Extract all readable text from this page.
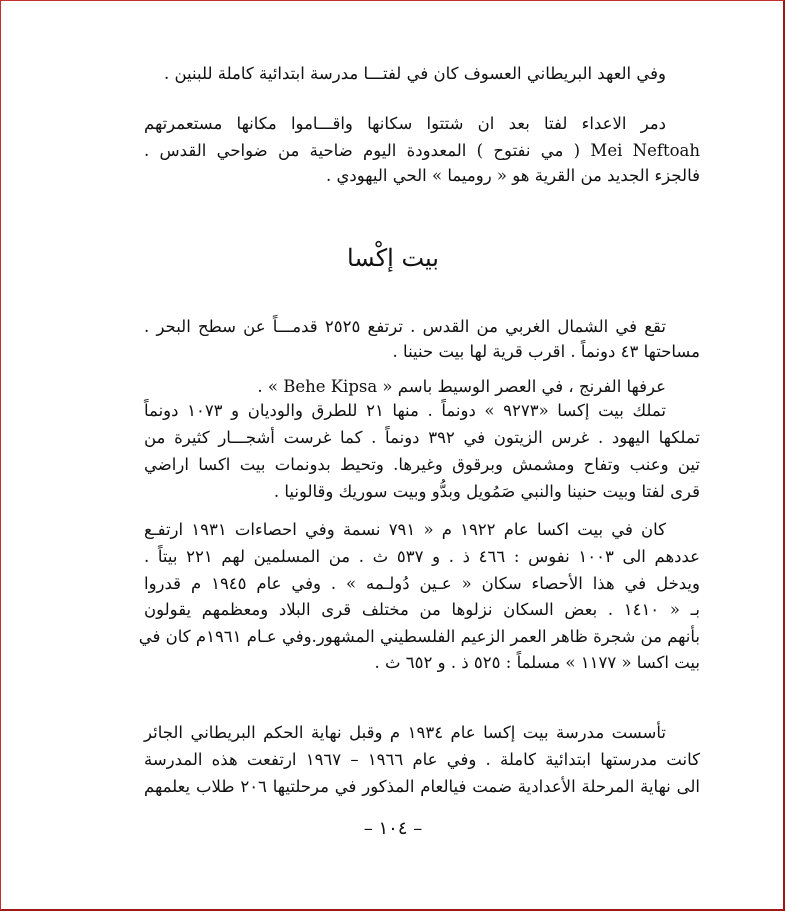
وفي العهد البريطاني العسوف كان في لفتـــا مدرسة ابتدائية كاملة للبنين .
دمر الاعداء لفتا بعد ان شتتوا سكانها واقـــاموا مكانها مستعمرتهم
Mei Neftoah ( مي نفتوح ) المعدودة اليوم ضاحية من ضواحي القدس .
فالجزء الجديد من القرية هو « روميما » الحي اليهودي .
بيت إكْسا
تقع في الشمال الغربي من القدس . ترتفع ٢٥٢٥ قدمـــاً عن سطح البحر .
مساحتها ٤٣ دونماً . اقرب قرية لها بيت حنينا .
عرفها الفرنج ، في العصر الوسيط باسم « Behe Kipsa » .
تملك بيت إكسا «٩٢٧٣ » دونماً . منها ٢١ للطرق والوديان و ١٠٧٣ دونماً
تملكها اليهود . غرس الزيتون في ٣٩٢ دونماً . كما غرست أشجـــار كثيرة من
تين وعنب وتفاح ومشمش وبرقوق وغيرها. وتحيط بدونمات بيت اكسا اراضي
قرى لفتا وبيت حنينا والنبي صَمُويل وبدُّو وبيت سوريك وقالونيا .
كان في بيت اكسا عام ١٩٢٢ م « ٧٩١ نسمة وفي احصاءات ١٩٣١ ارتفـع
عددهم الى ١٠٠٣ نفوس : ٤٦٦ ذ . و ٥٣٧ ث . من المسلمين لهم ٢٢١ بيتاً .
ويدخل في هذا الأحصاء سكان « عـين دُولـمه » . وفي عام ١٩٤٥ م قدروا
بـ « ١٤١٠ . بعض السكان نزلوها من مختلف قرى البلاد ومعظمهم يقولون
بأنهم من شجرة ظاهر العمر الزعيم الفلسطيني المشهور.وفي عـام ١٩٦١م كان في
بيت اكسا « ١١٧٧ » مسلماً : ٥٢٥ ذ . و ٦٥٢ ث .
تأسست مدرسة بيت إكسا عام ١٩٣٤ م وقبل نهاية الحكم البريطاني الجائر
كانت مدرستها ابتدائية كاملة . وفي عام ١٩٦٦ – ١٩٦٧ ارتفعت هذه المدرسة
الى نهاية المرحلة الأعدادية ضمت فيالعام المذكور في مرحلتيها ٢٠٦ طلاب يعلمهم
– ١٠٤ –
